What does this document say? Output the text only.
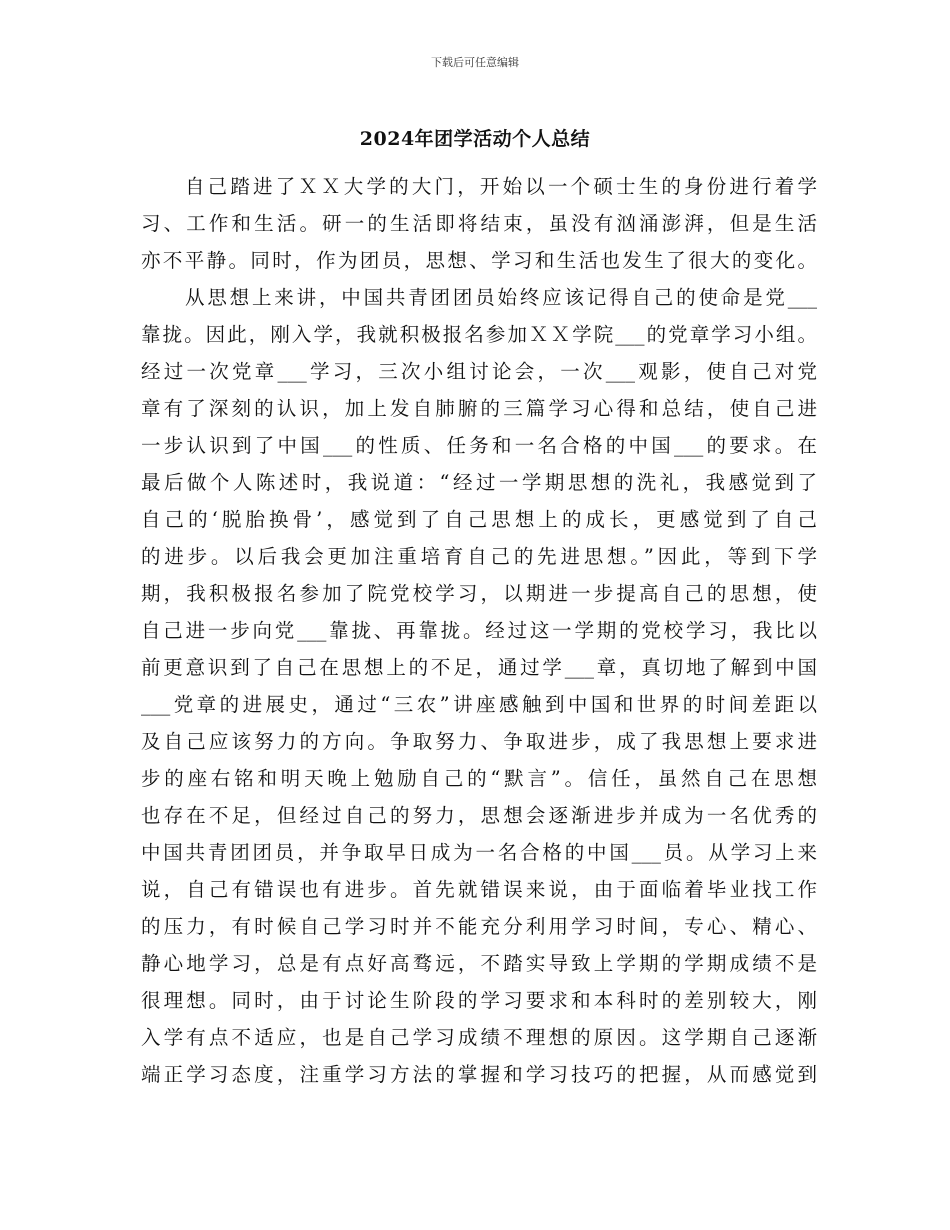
下载后可任意编辑
2024年团学活动个人总结
自己踏进了ＸＸ大学的大门，开始以一个硕士生的身份进行着学
习、工作和生活。研一的生活即将结束，虽没有汹涌澎湃，但是生活
亦不平静。同时，作为团员，思想、学习和生活也发生了很大的变化。
从思想上来讲，中国共青团团员始终应该记得自己的使命是党___
靠拢。因此，刚入学，我就积极报名参加ＸＸ学院___的党章学习小组。
经过一次党章___学习，三次小组讨论会，一次___观影，使自己对党
章有了深刻的认识，加上发自肺腑的三篇学习心得和总结，使自己进
一步认识到了中国___的性质、任务和一名合格的中国___的要求。在
最后做个人陈述时，我说道：“经过一学期思想的洗礼，我感觉到了
自己的‘脱胎换骨’，感觉到了自己思想上的成长，更感觉到了自己
的进步。以后我会更加注重培育自己的先进思想。”因此，等到下学
期，我积极报名参加了院党校学习，以期进一步提高自己的思想，使
自己进一步向党___靠拢、再靠拢。经过这一学期的党校学习，我比以
前更意识到了自己在思想上的不足，通过学___章，真切地了解到中国
___党章的进展史，通过“三农”讲座感触到中国和世界的时间差距以
及自己应该努力的方向。争取努力、争取进步，成了我思想上要求进
步的座右铭和明天晚上勉励自己的“默言”。信任，虽然自己在思想
也存在不足，但经过自己的努力，思想会逐渐进步并成为一名优秀的
中国共青团团员，并争取早日成为一名合格的中国___员。从学习上来
说，自己有错误也有进步。首先就错误来说，由于面临着毕业找工作
的压力，有时候自己学习时并不能充分利用学习时间，专心、精心、
静心地学习，总是有点好高骛远，不踏实导致上学期的学期成绩不是
很理想。同时，由于讨论生阶段的学习要求和本科时的差别较大，刚
入学有点不适应，也是自己学习成绩不理想的原因。这学期自己逐渐
端正学习态度，注重学习方法的掌握和学习技巧的把握，从而感觉到
